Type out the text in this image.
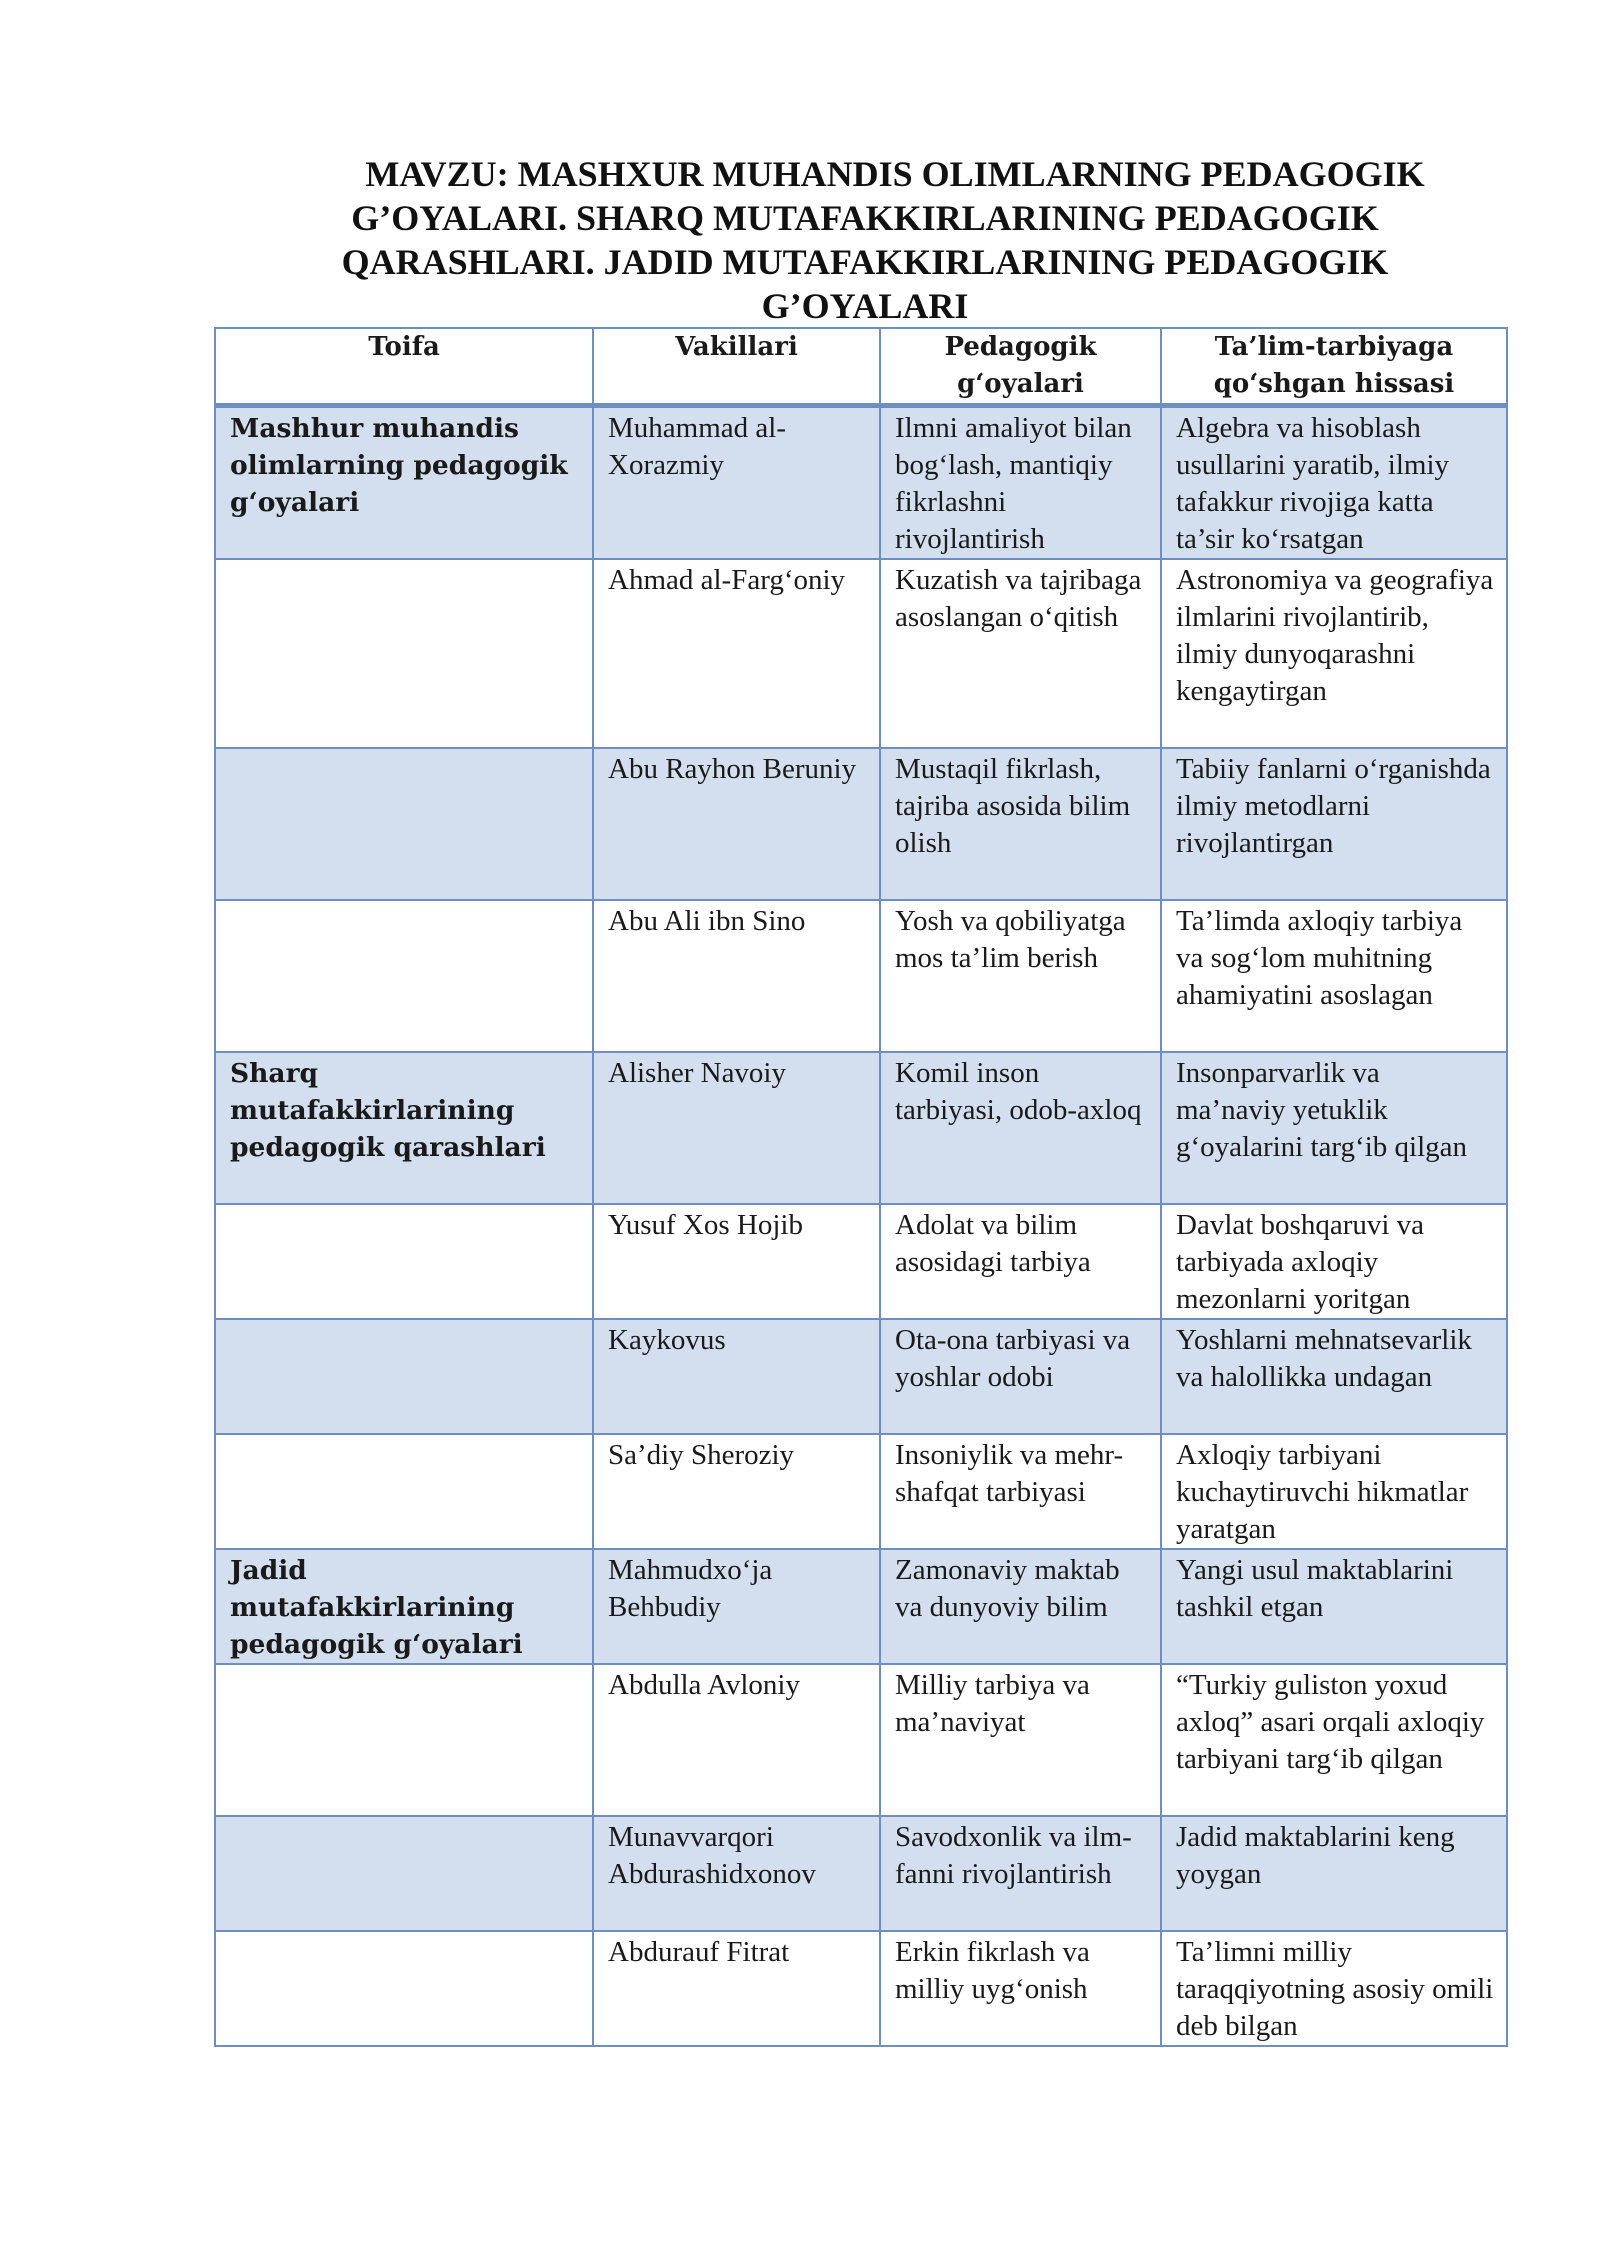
MAVZU: MASHXUR MUHANDIS OLIMLARNING PEDAGOGIK G’OYALARI. SHARQ MUTAFAKKIRLARINING PEDAGOGIK QARASHLARI. JADID MUTAFAKKIRLARINING PEDAGOGIK G’OYALARI
Toifa	Vakillari	Pedagogik g‘oyalari	Ta’lim-tarbiyaga qo‘shgan hissasi
Mashhur muhandis olimlarning pedagogik g‘oyalari	Muhammad al-Xorazmiy	Ilmni amaliyot bilan bog‘lash, mantiqiy fikrlashni rivojlantirish	Algebra va hisoblash usullarini yaratib, ilmiy tafakkur rivojiga katta ta’sir ko‘rsatgan
	Ahmad al-Farg‘oniy	Kuzatish va tajribaga asoslangan o‘qitish	Astronomiya va geografiya ilmlarini rivojlantirib, ilmiy dunyoqarashni kengaytirgan
	Abu Rayhon Beruniy	Mustaqil fikrlash, tajriba asosida bilim olish	Tabiiy fanlarni o‘rganishda ilmiy metodlarni rivojlantirgan
	Abu Ali ibn Sino	Yosh va qobiliyatga mos ta’lim berish	Ta’limda axloqiy tarbiya va sog‘lom muhitning ahamiyatini asoslagan
Sharq mutafakkirlarining pedagogik qarashlari	Alisher Navoiy	Komil inson tarbiyasi, odob-axloq	Insonparvarlik va ma’naviy yetuklik g‘oyalarini targ‘ib qilgan
	Yusuf Xos Hojib	Adolat va bilim asosidagi tarbiya	Davlat boshqaruvi va tarbiyada axloqiy mezonlarni yoritgan
	Kaykovus	Ota-ona tarbiyasi va yoshlar odobi	Yoshlarni mehnatsevarlik va halollikka undagan
	Sa’diy Sheroziy	Insoniylik va mehr-shafqat tarbiyasi	Axloqiy tarbiyani kuchaytiruvchi hikmatlar yaratgan
Jadid mutafakkirlarining pedagogik g‘oyalari	Mahmudxo‘ja Behbudiy	Zamonaviy maktab va dunyoviy bilim	Yangi usul maktablarini tashkil etgan
	Abdulla Avloniy	Milliy tarbiya va ma’naviyat	“Turkiy guliston yoxud axloq” asari orqali axloqiy tarbiyani targ‘ib qilgan
	Munavvarqori Abdurashidxonov	Savodxonlik va ilm-fanni rivojlantirish	Jadid maktablarini keng yoygan
	Abdurauf Fitrat	Erkin fikrlash va milliy uyg‘onish	Ta’limni milliy taraqqiyotning asosiy omili deb bilgan
